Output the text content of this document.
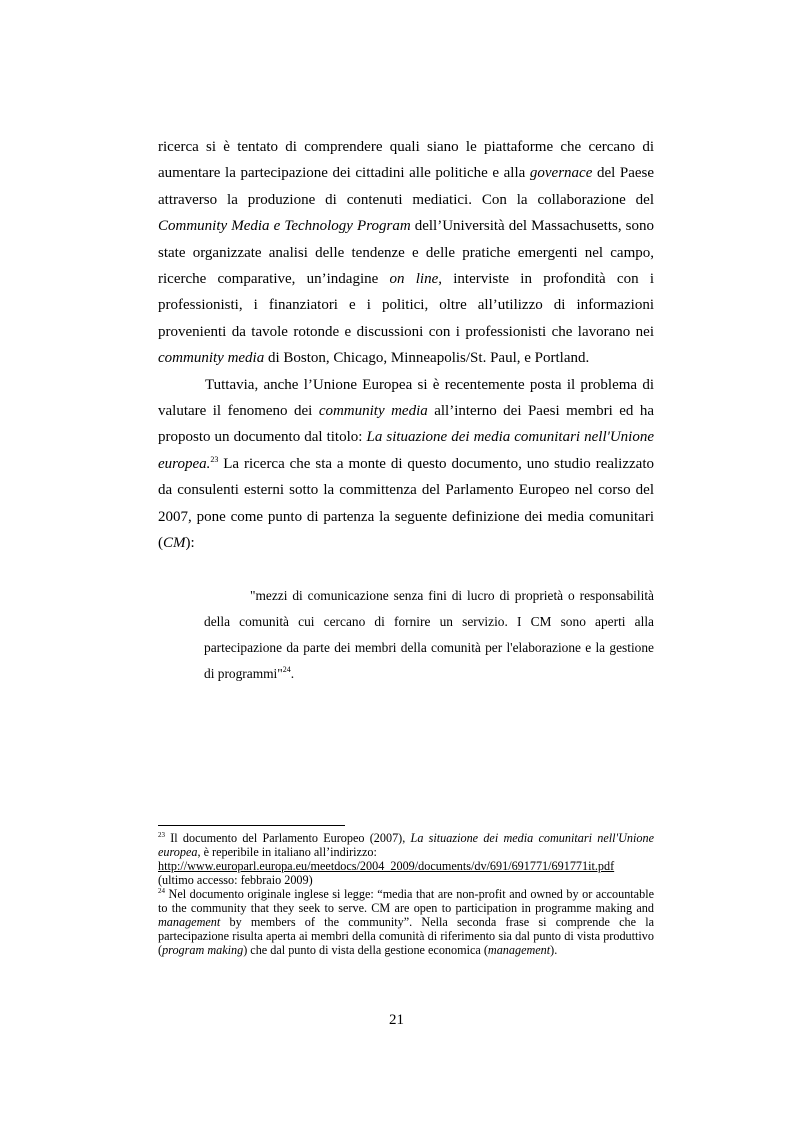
ricerca si è tentato di comprendere quali siano le piattaforme che cercano di aumentare la partecipazione dei cittadini alle politiche e alla governace del Paese attraverso la produzione di contenuti mediatici. Con la collaborazione del Community Media e Technology Program dell’Università del Massachusetts, sono state organizzate analisi delle tendenze e delle pratiche emergenti nel campo, ricerche comparative, un’indagine on line, interviste in profondità con i professionisti, i finanziatori e i politici, oltre all’utilizzo di informazioni provenienti da tavole rotonde e discussioni con i professionisti che lavorano nei community media di Boston, Chicago, Minneapolis/St. Paul, e Portland.

Tuttavia, anche l’Unione Europea si è recentemente posta il problema di valutare il fenomeno dei community media all’interno dei Paesi membri ed ha proposto un documento dal titolo: La situazione dei media comunitari nell'Unione europea.$^{23}$ La ricerca che sta a monte di questo documento, uno studio realizzato da consulenti esterni sotto la committenza del Parlamento Europeo nel corso del 2007, pone come punto di partenza la seguente definizione dei media comunitari (CM):

"mezzi di comunicazione senza fini di lucro di proprietà o responsabilità della comunità cui cercano di fornire un servizio. I CM sono aperti alla partecipazione da parte dei membri della comunità per l'elaborazione e la gestione di programmi"$^{24}$.

$^{23}$ Il documento del Parlamento Europeo (2007), La situazione dei media comunitari nell'Unione europea, è reperibile in italiano all’indirizzo:
http://www.europarl.europa.eu/meetdocs/2004_2009/documents/dv/691/691771/691771it.pdf
(ultimo accesso: febbraio 2009)

$^{24}$ Nel documento originale inglese si legge: “media that are non-profit and owned by or accountable to the community that they seek to serve. CM are open to participation in programme making and management by members of the community”. Nella seconda frase si comprende che la partecipazione risulta aperta ai membri della comunità di riferimento sia dal punto di vista produttivo (program making) che dal punto di vista della gestione economica (management).

21
